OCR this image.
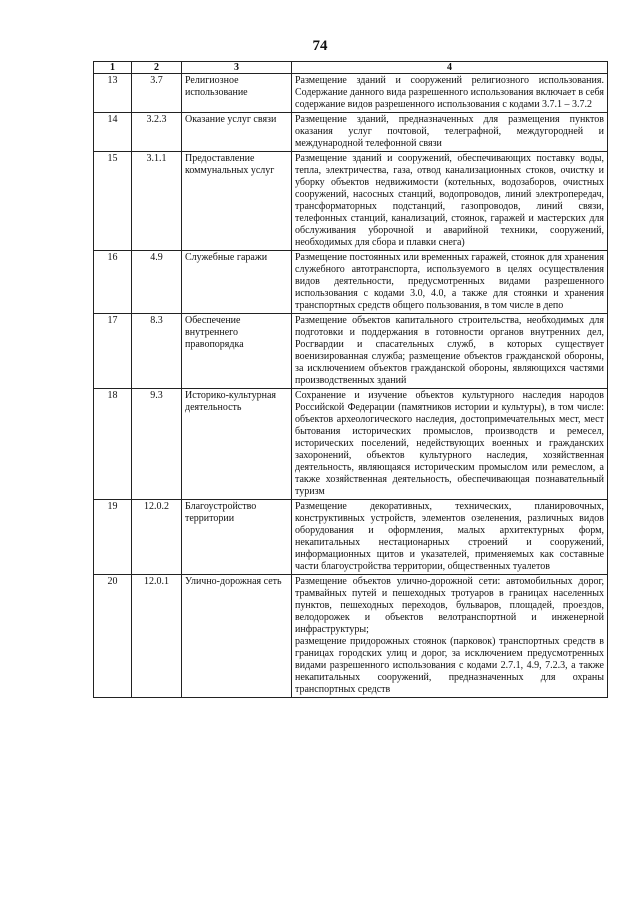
74
1	2	3	4
13	3.7	Религиозное использование	Размещение зданий и сооружений религиозного использования. Содержание данного вида разрешенного использования включает в себя содержание видов разрешенного использования с кодами 3.7.1 – 3.7.2

14	3.2.3	Оказание услуг связи	Размещение зданий, предназначенных для размещения пунктов оказания услуг почтовой, телеграфной, междугородней и международной телефонной связи

15	3.1.1	Предоставление коммунальных услуг	Размещение зданий и сооружений, обеспечивающих поставку воды, тепла, электричества, газа, отвод канализационных стоков, очистку и уборку объектов недвижимости (котельных, водозаборов, очистных сооружений, насосных станций, водопроводов, линий электропередач, трансформаторных подстанций, газопроводов, линий связи, телефонных станций, канализаций, стоянок, гаражей и мастерских для обслуживания уборочной и аварийной техники, сооружений, необходимых для сбора и плавки снега)

16	4.9	Служебные гаражи	Размещение постоянных или временных гаражей, стоянок для хранения служебного автотранспорта, используемого в целях осуществления видов деятельности, предусмотренных видами разрешенного использования с кодами 3.0, 4.0, а также для стоянки и хранения транспортных средств общего пользования, в том числе в депо

17	8.3	Обеспечение внутреннего правопорядка	Размещение объектов капитального строительства, необходимых для подготовки и поддержания в готовности органов внутренних дел, Росгвардии и спасательных служб, в которых существует военизированная служба; размещение объектов гражданской обороны, за исключением объектов гражданской обороны, являющихся частями производственных зданий

18	9.3	Историко-культурная деятельность	Сохранение и изучение объектов культурного наследия народов Российской Федерации (памятников истории и культуры), в том числе: объектов археологического наследия, достопримечательных мест, мест бытования исторических промыслов, производств и ремесел, исторических поселений, недействующих военных и гражданских захоронений, объектов культурного наследия, хозяйственная деятельность, являющаяся историческим промыслом или ремеслом, а также хозяйственная деятельность, обеспечивающая познавательный туризм

19	12.0.2	Благоустройство территории	Размещение декоративных, технических, планировочных, конструктивных устройств, элементов озеленения, различных видов оборудования и оформления, малых архитектурных форм, некапитальных нестационарных строений и сооружений, информационных щитов и указателей, применяемых как составные части благоустройства территории, общественных туалетов

20	12.0.1	Улично-дорожная сеть	Размещение объектов улично-дорожной сети: автомобильных дорог, трамвайных путей и пешеходных тротуаров в границах населенных пунктов, пешеходных переходов, бульваров, площадей, проездов, велодорожек и объектов велотранспортной и инженерной инфраструктуры;
размещение придорожных стоянок (парковок) транспортных средств в границах городских улиц и дорог, за исключением предусмотренных видами разрешенного использования с кодами 2.7.1, 4.9, 7.2.3, а также некапитальных сооружений, предназначенных для охраны транспортных средств
